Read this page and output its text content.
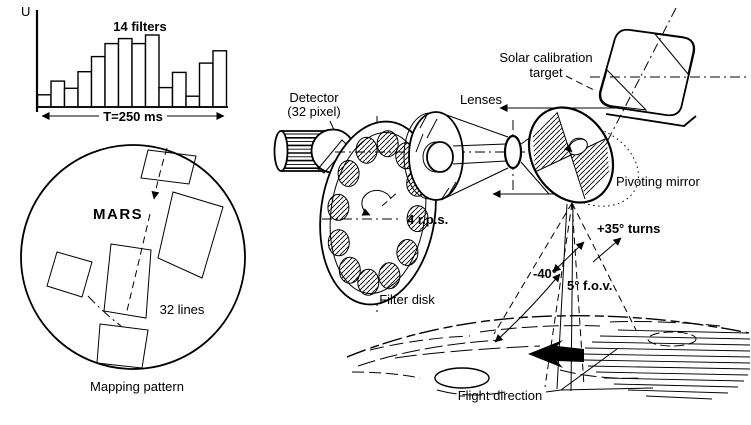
U
14 filters
T=250 ms
MARS
32 lines
Mapping pattern
Detector
(32 pixel)
4 r.p.s.
Filter disk
Lenses
Pivoting mirror
Solar calibration
target
-40°
5° f.o.v.
+35° turns
Flight direction
